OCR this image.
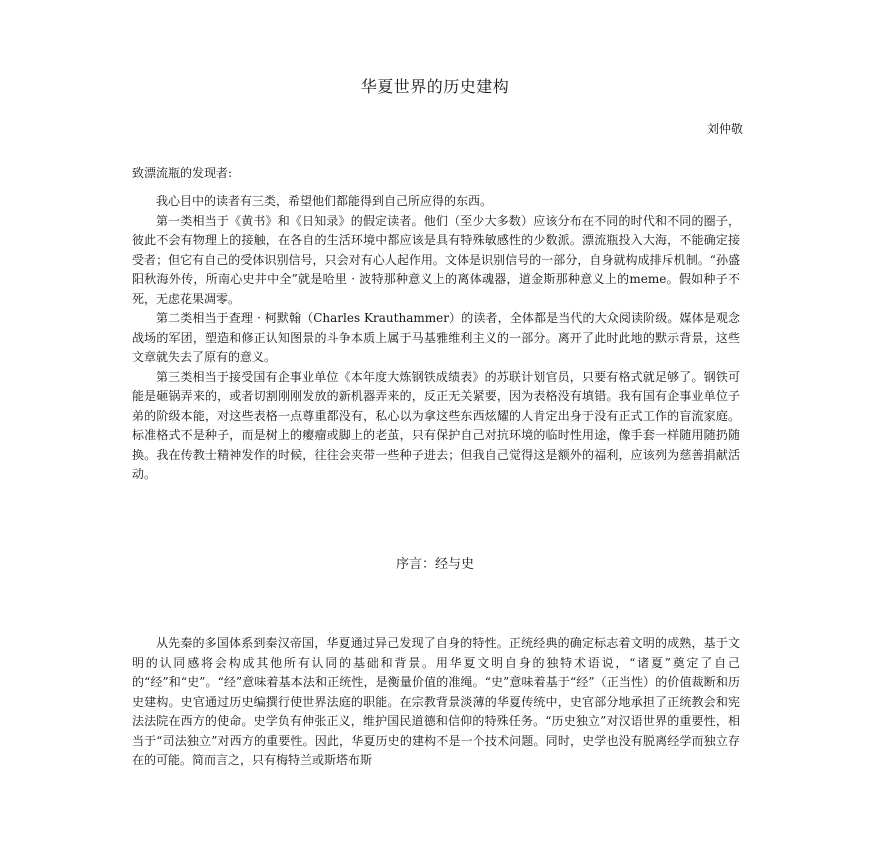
华夏世界的历史建构
刘仲敬
致漂流瓶的发现者:

我心目中的读者有三类，希望他们都能得到自己所应得的东西。

第一类相当于《黄书》和《日知录》的假定读者。他们（至少大多数）应该分布在不同的时代和不同的圈子，彼此不会有物理上的接触，在各自的生活环境中都应该是具有特殊敏感性的少数派。漂流瓶投入大海，不能确定接受者；但它有自己的受体识别信号，只会对有心人起作用。文体是识别信号的一部分，自身就构成排斥机制。“孙盛阳秋海外传，所南心史井中全”就是哈里 · 波特那种意义上的离体魂器，道金斯那种意义上的meme。假如种子不死，无虑花果凋零。

第二类相当于查理 · 柯默翰（Charles Krauthammer）的读者，全体都是当代的大众阅读阶级。媒体是观念战场的军团，塑造和修正认知图景的斗争本质上属于马基雅维利主义的一部分。离开了此时此地的默示背景，这些文章就失去了原有的意义。

第三类相当于接受国有企事业单位《本年度大炼钢铁成绩表》的苏联计划官员，只要有格式就足够了。钢铁可能是砸锅弄来的，或者切割刚刚发放的新机器弄来的，反正无关紧要，因为表格没有填错。我有国有企事业单位子弟的阶级本能，对这些表格一点尊重都没有，私心以为拿这些东西炫耀的人肯定出身于没有正式工作的盲流家庭。标准格式不是种子，而是树上的瘿瘤或脚上的老茧，只有保护自己对抗环境的临时性用途，像手套一样随用随扔随换。我在传教士精神发作的时候，往往会夹带一些种子进去；但我自己觉得这是额外的福利，应该列为慈善捐献活动。

序言：经与史

从先秦的多国体系到秦汉帝国，华夏通过异己发现了自身的特性。正统经典的确定标志着文明的成熟，基于文明的认同感将会构成其他所有认同的基础和背景。用华夏文明自身的独特术语说，“诸夏”奠定了自己的“经”和“史”。“经”意味着基本法和正统性，是衡量价值的准绳。“史”意味着基于“经”（正当性）的价值裁断和历史建构。史官通过历史编撰行使世界法庭的职能。在宗教背景淡薄的华夏传统中，史官部分地承担了正统教会和宪法法院在西方的使命。史学负有伸张正义，维护国民道德和信仰的特殊任务。“历史独立”对汉语世界的重要性，相当于“司法独立”对西方的重要性。因此，华夏历史的建构不是一个技术问题。同时，史学也没有脱离经学而独立存在的可能。简而言之，只有梅特兰或斯塔布斯
